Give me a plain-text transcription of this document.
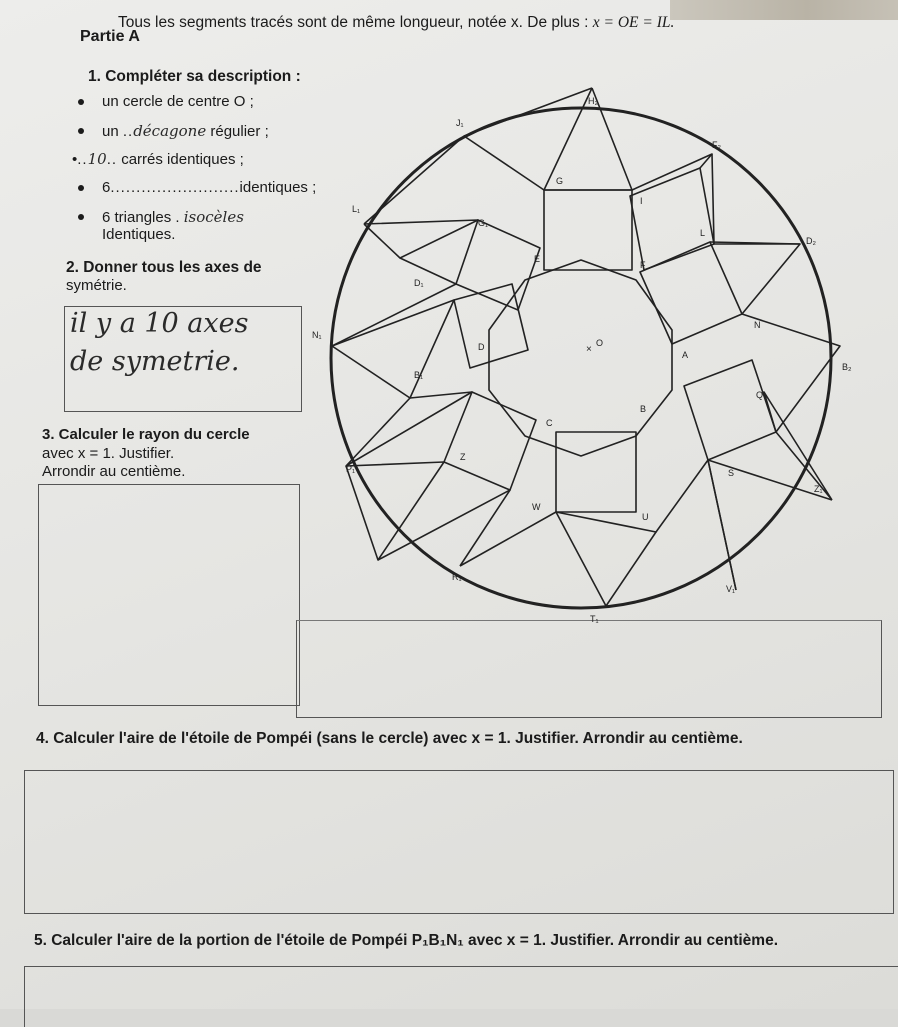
Tous les segments tracés sont de même longueur, notée x. De plus : x = OE = IL.
Partie A
1. Compléter sa description :
un cercle de centre O ;
un ..décagone régulier ;
•..10.. carrés identiques ;
6.........................identiques ;
6 triangles . isocèles
Identiques.
2. Donner tous les axes de
symétrie.
il y a 10 axes
de symetrie.
3. Calculer le rayon du cercle
avec x = 1. Justifier.
Arrondir au centième.
4. Calculer l'aire de l'étoile de Pompéi (sans le cercle) avec x = 1. Justifier. Arrondir au centième.
5. Calculer l'aire de la portion de l'étoile de Pompéi P₁B₁N₁ avec x = 1. Justifier. Arrondir au centième.
H₂
J₁
F₂
G
I
L₁
G₁
L
D₂
E
F
D₁
N
N₁
D	O
A
B₂
B₁
Q
B
C
Z
P₁	S
Z₁
W
U
R₁
V₁
T₁
×
